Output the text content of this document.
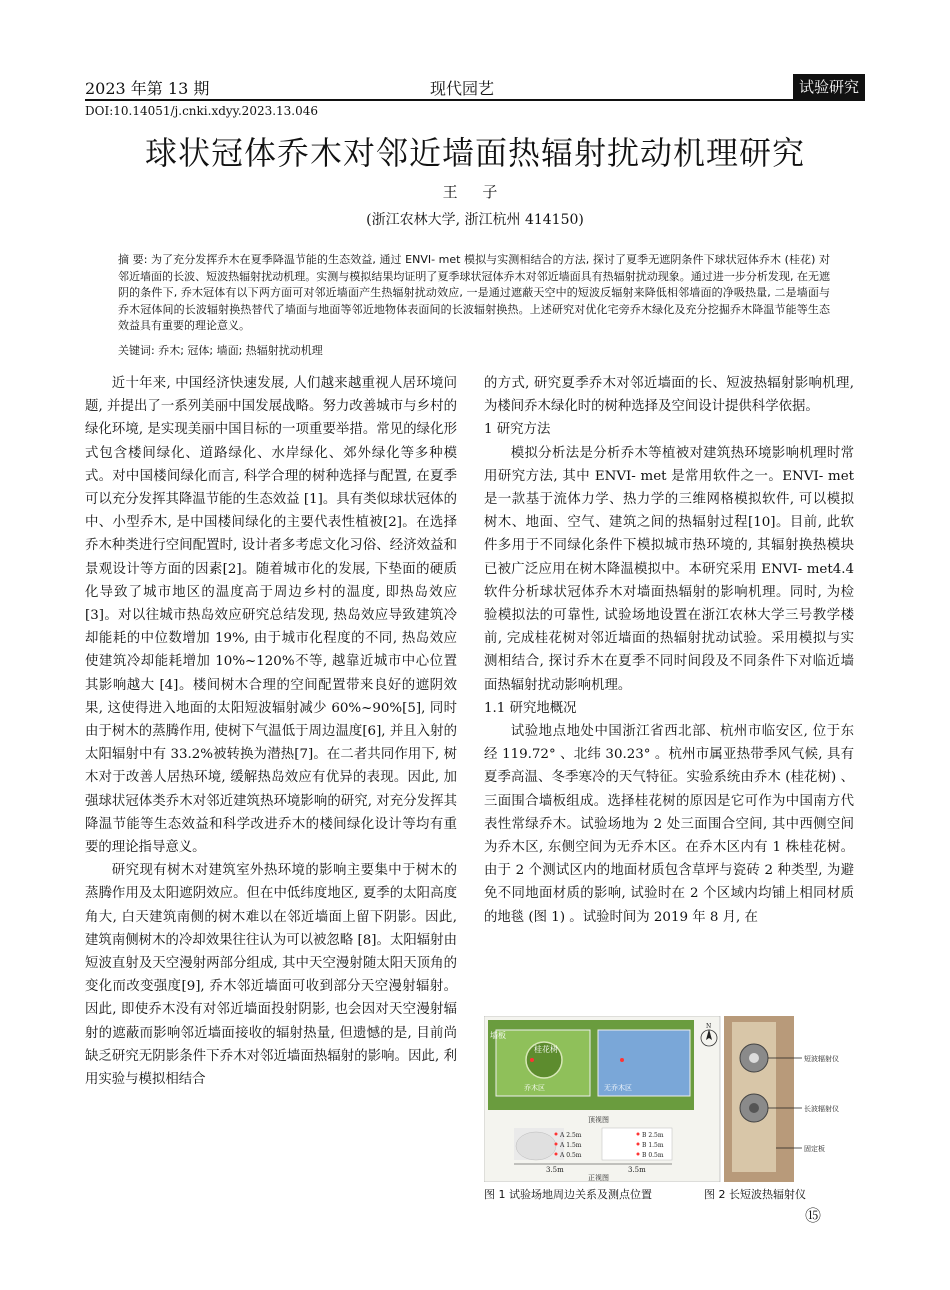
2023 年第 13 期	现代园艺	试验研究
DOI:10.14051/j.cnki.xdyy.2023.13.046
球状冠体乔木对邻近墙面热辐射扰动机理研究
王 子
(浙江农林大学, 浙江杭州 414150)
摘 要: 为了充分发挥乔木在夏季降温节能的生态效益, 通过 ENVI- met 模拟与实测相结合的方法, 探讨了夏季无遮阴条件下球状冠体乔木 (桂花) 对邻近墙面的长波、短波热辐射扰动机理。实测与模拟结果均证明了夏季球状冠体乔木对邻近墙面具有热辐射扰动现象。通过进一步分析发现, 在无遮阴的条件下, 乔木冠体有以下两方面可对邻近墙面产生热辐射扰动效应, 一是通过遮蔽天空中的短波反辐射来降低相邻墙面的净吸热量, 二是墙面与乔木冠体间的长波辐射换热替代了墙面与地面等邻近地物体表面间的长波辐射换热。上述研究对优化宅旁乔木绿化及充分挖掘乔木降温节能等生态效益具有重要的理论意义。
关键词: 乔木; 冠体; 墙面; 热辐射扰动机理

近十年来, 中国经济快速发展, 人们越来越重视人居环境问题, 并提出了一系列美丽中国发展战略。努力改善城市与乡村的绿化环境, 是实现美丽中国目标的一项重要举措。常见的绿化形式包含楼间绿化、道路绿化、水岸绿化、郊外绿化等多种模式。对中国楼间绿化而言, 科学合理的树种选择与配置, 在夏季可以充分发挥其降温节能的生态效益 [1]。具有类似球状冠体的中、小型乔木, 是中国楼间绿化的主要代表性植被[2]。在选择乔木种类进行空间配置时, 设计者多考虑文化习俗、经济效益和景观设计等方面的因素[2]。随着城市化的发展, 下垫面的硬质化导致了城市地区的温度高于周边乡村的温度, 即热岛效应[3]。对以往城市热岛效应研究总结发现, 热岛效应导致建筑冷却能耗的中位数增加 19%, 由于城市化程度的不同, 热岛效应使建筑冷却能耗增加 10%~120%不等, 越靠近城市中心位置其影响越大 [4]。楼间树木合理的空间配置带来良好的遮阴效果, 这使得进入地面的太阳短波辐射减少 60%~90%[5], 同时由于树木的蒸腾作用, 使树下气温低于周边温度[6], 并且入射的太阳辐射中有 33.2%被转换为潜热[7]。在二者共同作用下, 树木对于改善人居热环境, 缓解热岛效应有优异的表现。因此, 加强球状冠体类乔木对邻近建筑热环境影响的研究, 对充分发挥其降温节能等生态效益和科学改进乔木的楼间绿化设计等均有重要的理论指导意义。

研究现有树木对建筑室外热环境的影响主要集中于树木的蒸腾作用及太阳遮阴效应。但在中低纬度地区, 夏季的太阳高度角大, 白天建筑南侧的树木难以在邻近墙面上留下阴影。因此, 建筑南侧树木的冷却效果往往认为可以被忽略 [8]。太阳辐射由短波直射及天空漫射两部分组成, 其中天空漫射随太阳天顶角的变化而改变强度[9], 乔木邻近墙面可收到部分天空漫射辐射。因此, 即使乔木没有对邻近墙面投射阴影, 也会因对天空漫射辐射的遮蔽而影响邻近墙面接收的辐射热量, 但遗憾的是, 目前尚缺乏研究无阴影条件下乔木对邻近墙面热辐射的影响。因此, 利用实验与模拟相结合

的方式, 研究夏季乔木对邻近墙面的长、短波热辐射影响机理, 为楼间乔木绿化时的树种选择及空间设计提供科学依据。

1 研究方法

模拟分析法是分析乔木等植被对建筑热环境影响机理时常用研究方法, 其中 ENVI- met 是常用软件之一。ENVI- met 是一款基于流体力学、热力学的三维网格模拟软件, 可以模拟树木、地面、空气、建筑之间的热辐射过程[10]。目前, 此软件多用于不同绿化条件下模拟城市热环境的, 其辐射换热模块已被广泛应用在树木降温模拟中。本研究采用 ENVI- met4.4 软件分析球状冠体乔木对墙面热辐射的影响机理。同时, 为检验模拟法的可靠性, 试验场地设置在浙江农林大学三号教学楼前, 完成桂花树对邻近墙面的热辐射扰动试验。采用模拟与实测相结合, 探讨乔木在夏季不同时间段及不同条件下对临近墙面热辐射扰动影响机理。

1.1 研究地概况

试验地点地处中国浙江省西北部、杭州市临安区, 位于东经 119.72° 、北纬 30.23° 。杭州市属亚热带季风气候, 具有夏季高温、冬季寒冷的天气特征。实验系统由乔木 (桂花树) 、三面围合墙板组成。选择桂花树的原因是它可作为中国南方代表性常绿乔木。试验场地为 2 处三面围合空间, 其中西侧空间为乔木区, 东侧空间为无乔木区。在乔木区内有 1 株桂花树。由于 2 个测试区内的地面材质包含草坪与瓷砖 2 种类型, 为避免不同地面材质的影响, 试验时在 2 个区域内均铺上相同材质的地毯 (图 1) 。试验时间为 2019 年 8 月, 在

墙板
桂花树
乔木区	无乔木区
顶视图
N
A 2.5m
A 1.5m
A 0.5m
B 2.5m
B 1.5m
B 0.5m
3.5m	3.5m
正视图
短波辐射仪
长波辐射仪
固定板
图 1 试验场地周边关系及测点位置	图 2 长短波热辐射仪
⑮
